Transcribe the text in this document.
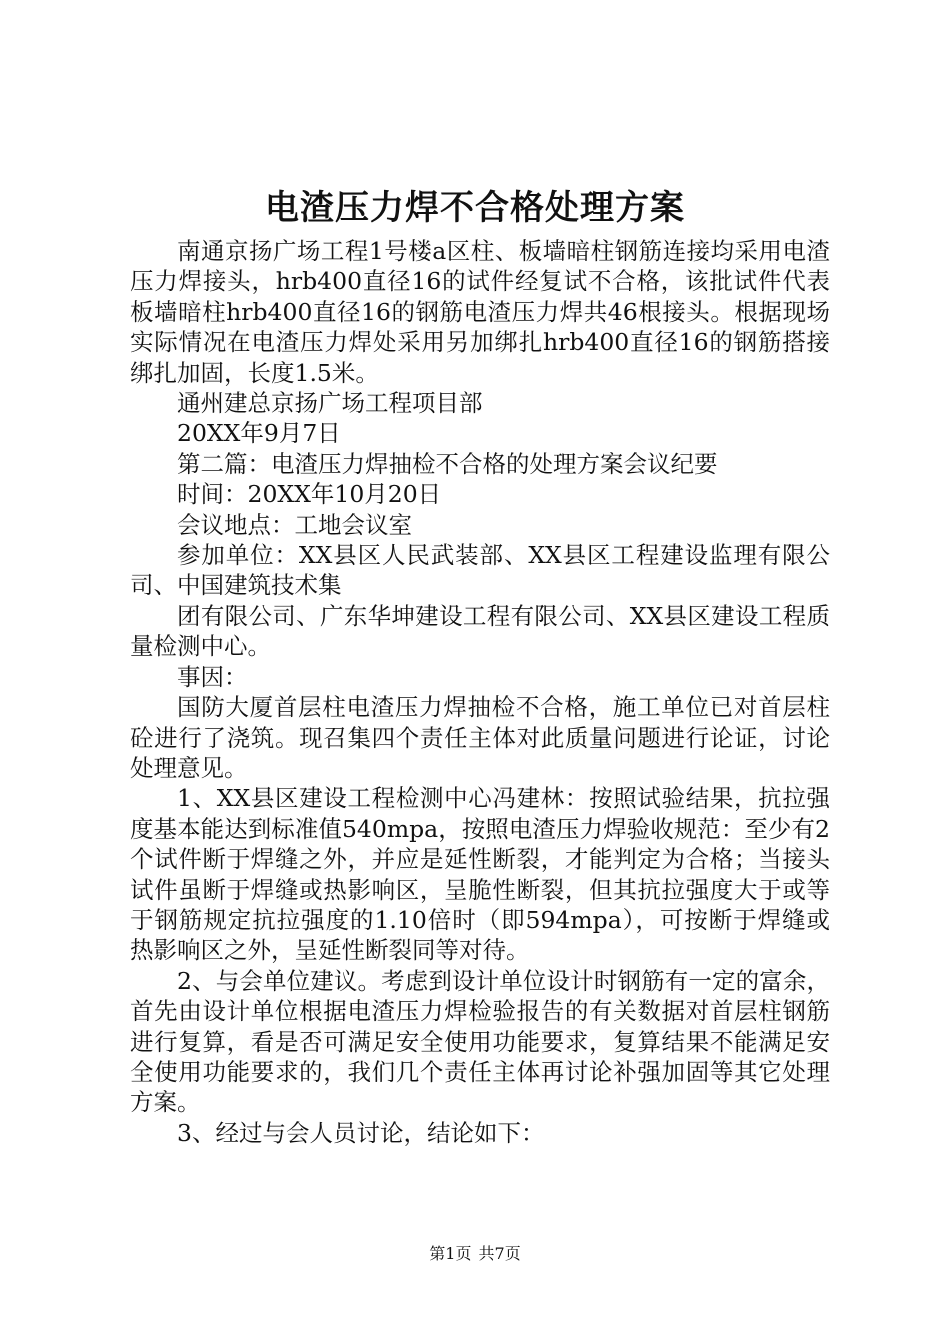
电渣压力焊不合格处理方案

南通京扬广场工程1号楼a区柱、板墙暗柱钢筋连接均采用电渣压力焊接头，hrb400直径16的试件经复试不合格，该批试件代表板墙暗柱hrb400直径16的钢筋电渣压力焊共46根接头。根据现场实际情况在电渣压力焊处采用另加绑扎hrb400直径16的钢筋搭接绑扎加固，长度1.5米。

通州建总京扬广场工程项目部

20XX年9月7日

第二篇：电渣压力焊抽检不合格的处理方案会议纪要

时间：20XX年10月20日

会议地点：工地会议室

参加单位：XX县区人民武装部、XX县区工程建设监理有限公司、中国建筑技术集

团有限公司、广东华坤建设工程有限公司、XX县区建设工程质量检测中心。

事因：

国防大厦首层柱电渣压力焊抽检不合格，施工单位已对首层柱砼进行了浇筑。现召集四个责任主体对此质量问题进行论证，讨论处理意见。

1、XX县区建设工程检测中心冯建林：按照试验结果，抗拉强度基本能达到标准值540mpa，按照电渣压力焊验收规范：至少有2个试件断于焊缝之外，并应是延性断裂，才能判定为合格；当接头试件虽断于焊缝或热影响区，呈脆性断裂，但其抗拉强度大于或等于钢筋规定抗拉强度的1.10倍时（即594mpa），可按断于焊缝或热影响区之外，呈延性断裂同等对待。

2、与会单位建议。考虑到设计单位设计时钢筋有一定的富余，首先由设计单位根据电渣压力焊检验报告的有关数据对首层柱钢筋进行复算，看是否可满足安全使用功能要求，复算结果不能满足安全使用功能要求的，我们几个责任主体再讨论补强加固等其它处理方案。

3、经过与会人员讨论，结论如下：

第1页 共7页
